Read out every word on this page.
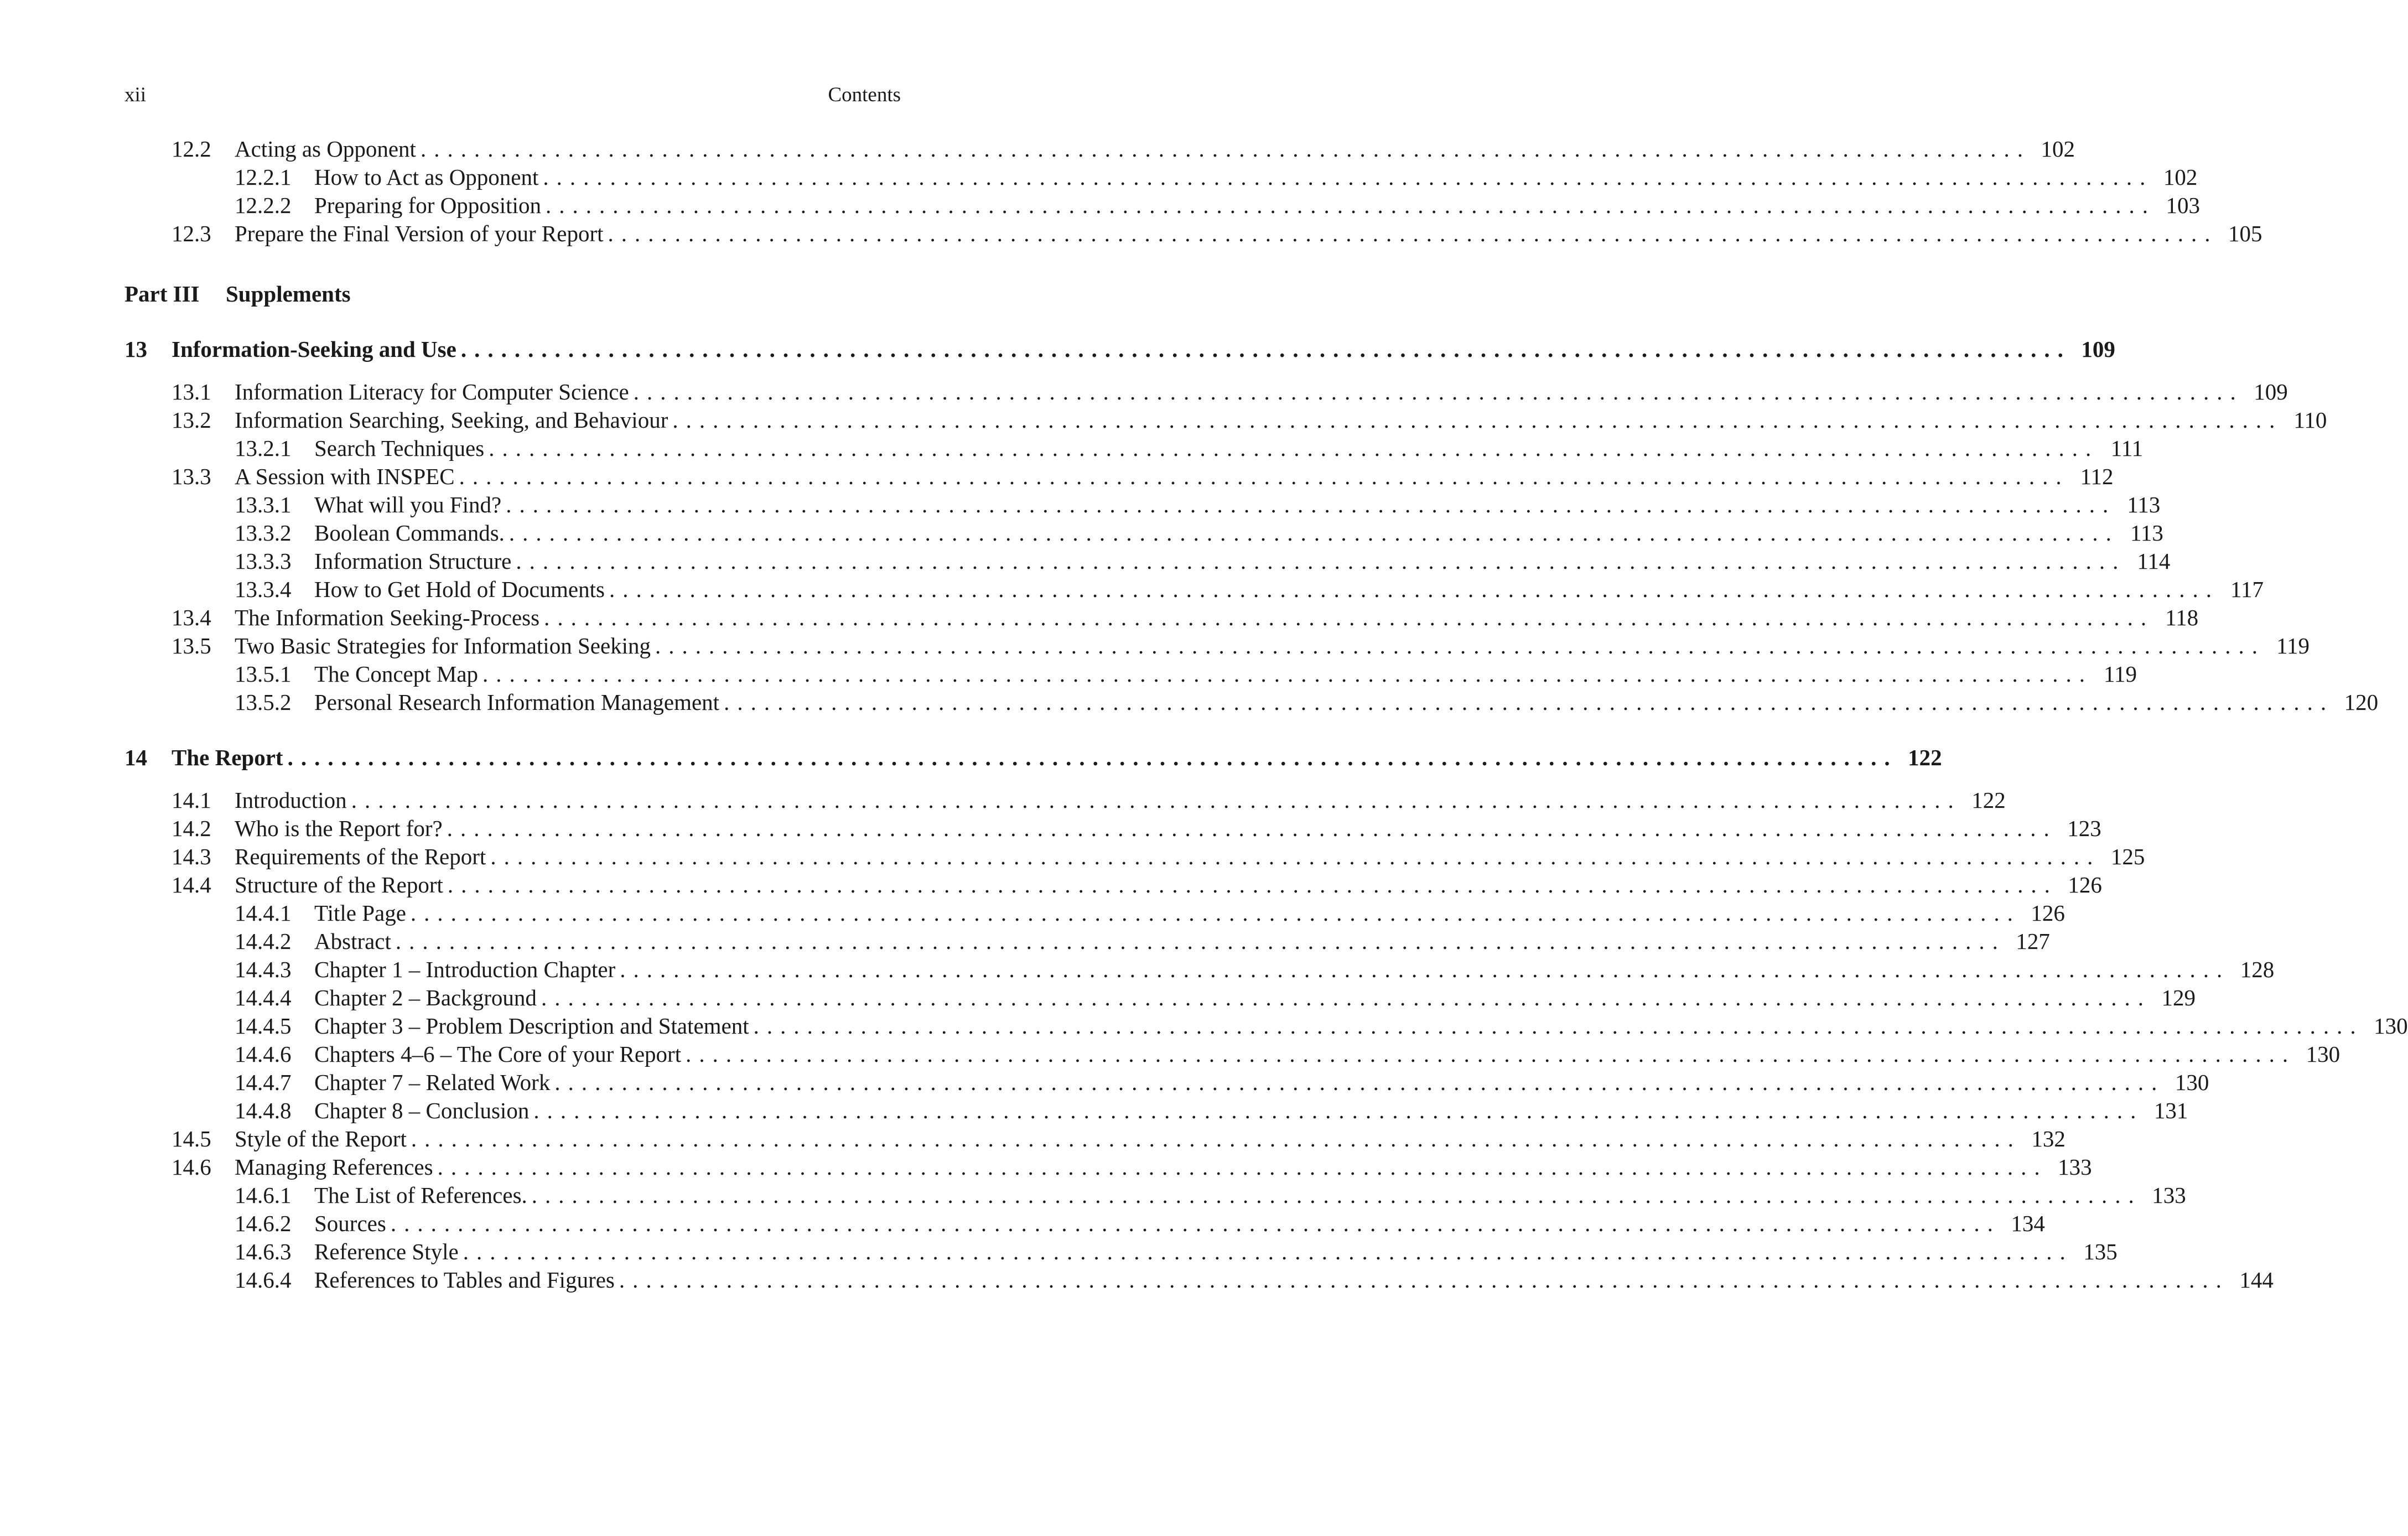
xii	Contents
12.2	Acting as Opponent ........................................................................................................................ 102
12.2.1	How to Act as Opponent ........................................................................................................................ 102
12.2.2	Preparing for Opposition ........................................................................................................................ 103
12.3	Prepare the Final Version of your Report ........................................................................................................................ 105
Part III	Supplements
13	Information-Seeking and Use ........................................................................................................................ 109
13.1	Information Literacy for Computer Science ........................................................................................................................ 109
13.2	Information Searching, Seeking, and Behaviour ........................................................................................................................ 110
13.2.1	Search Techniques ........................................................................................................................ 111
13.3	A Session with INSPEC ........................................................................................................................ 112
13.3.1	What will you Find? ........................................................................................................................ 113
13.3.2	Boolean Commands. ........................................................................................................................ 113
13.3.3	Information Structure ........................................................................................................................ 114
13.3.4	How to Get Hold of Documents ........................................................................................................................ 117
13.4	The Information Seeking-Process ........................................................................................................................ 118
13.5	Two Basic Strategies for Information Seeking ........................................................................................................................ 119
13.5.1	The Concept Map ........................................................................................................................ 119
13.5.2	Personal Research Information Management ........................................................................................................................ 120
14	The Report ........................................................................................................................ 122
14.1	Introduction ........................................................................................................................ 122
14.2	Who is the Report for? ........................................................................................................................ 123
14.3	Requirements of the Report ........................................................................................................................ 125
14.4	Structure of the Report ........................................................................................................................ 126
14.4.1	Title Page ........................................................................................................................ 126
14.4.2	Abstract ........................................................................................................................ 127
14.4.3	Chapter 1 – Introduction Chapter ........................................................................................................................ 128
14.4.4	Chapter 2 – Background ........................................................................................................................ 129
14.4.5	Chapter 3 – Problem Description and Statement ........................................................................................................................ 130
14.4.6	Chapters 4–6 – The Core of your Report ........................................................................................................................ 130
14.4.7	Chapter 7 – Related Work ........................................................................................................................ 130
14.4.8	Chapter 8 – Conclusion ........................................................................................................................ 131
14.5	Style of the Report ........................................................................................................................ 132
14.6	Managing References ........................................................................................................................ 133
14.6.1	The List of References. ........................................................................................................................ 133
14.6.2	Sources ........................................................................................................................ 134
14.6.3	Reference Style ........................................................................................................................ 135
14.6.4	References to Tables and Figures ........................................................................................................................ 144
